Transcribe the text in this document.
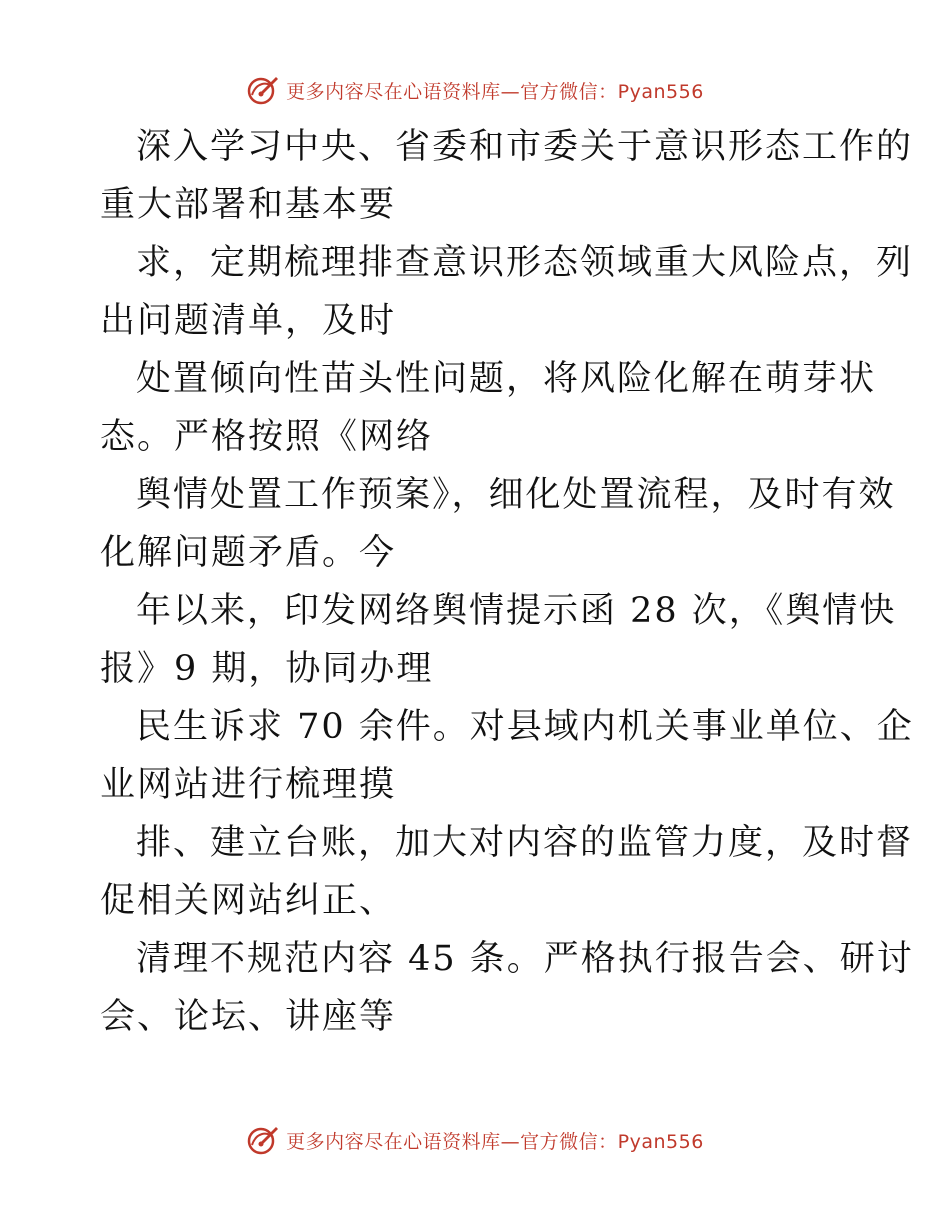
更多内容尽在心语资料库—官方微信：Pyan556
深入学习中央、省委和市委关于意识形态工作的
重大部署和基本要
求，定期梳理排查意识形态领域重大风险点，列
出问题清单，及时
处置倾向性苗头性问题，将风险化解在萌芽状
态。严格按照《网络
舆情处置工作预案》，细化处置流程，及时有效
化解问题矛盾。今
年以来，印发网络舆情提示函 28 次，《舆情快
报》9 期，协同办理
民生诉求 70 余件。对县域内机关事业单位、企
业网站进行梳理摸
排、建立台账，加大对内容的监管力度，及时督
促相关网站纠正、
清理不规范内容 45 条。严格执行报告会、研讨
会、论坛、讲座等
更多内容尽在心语资料库—官方微信：Pyan556
